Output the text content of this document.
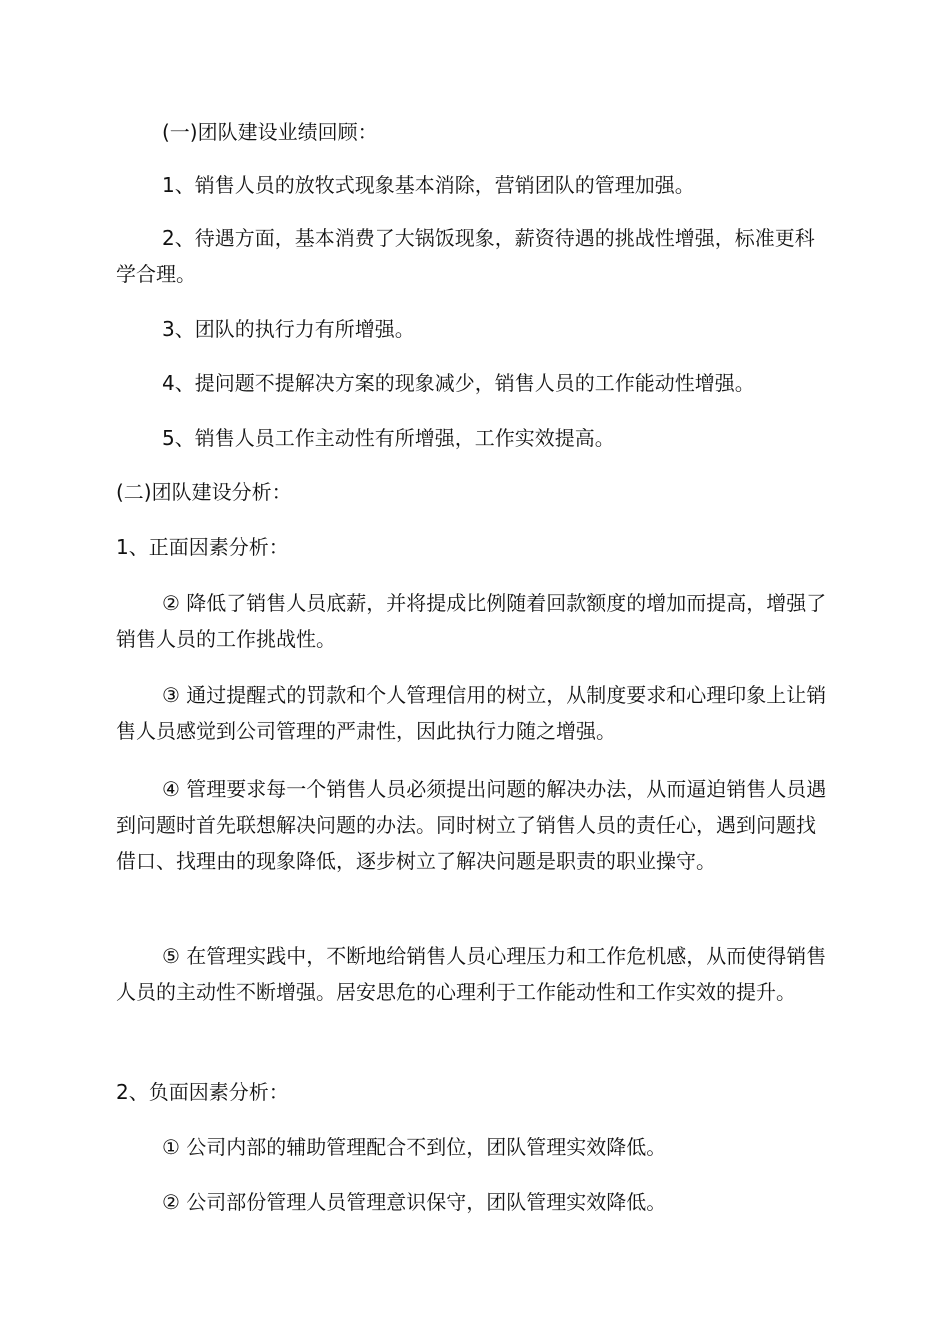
(一)团队建设业绩回顾：

1、销售人员的放牧式现象基本消除，营销团队的管理加强。

2、待遇方面，基本消费了大锅饭现象，薪资待遇的挑战性增强，标准更科学合理。

3、团队的执行力有所增强。

4、提问题不提解决方案的现象减少，销售人员的工作能动性增强。

5、销售人员工作主动性有所增强，工作实效提高。

(二)团队建设分析：

1、正面因素分析：

② 降低了销售人员底薪，并将提成比例随着回款额度的增加而提高，增强了销售人员的工作挑战性。

③ 通过提醒式的罚款和个人管理信用的树立，从制度要求和心理印象上让销售人员感觉到公司管理的严肃性，因此执行力随之增强。

④ 管理要求每一个销售人员必须提出问题的解决办法，从而逼迫销售人员遇到问题时首先联想解决问题的办法。同时树立了销售人员的责任心，遇到问题找借口、找理由的现象降低，逐步树立了解决问题是职责的职业操守。

⑤ 在管理实践中，不断地给销售人员心理压力和工作危机感，从而使得销售人员的主动性不断增强。居安思危的心理利于工作能动性和工作实效的提升。

2、负面因素分析：

① 公司内部的辅助管理配合不到位，团队管理实效降低。

② 公司部份管理人员管理意识保守，团队管理实效降低。
